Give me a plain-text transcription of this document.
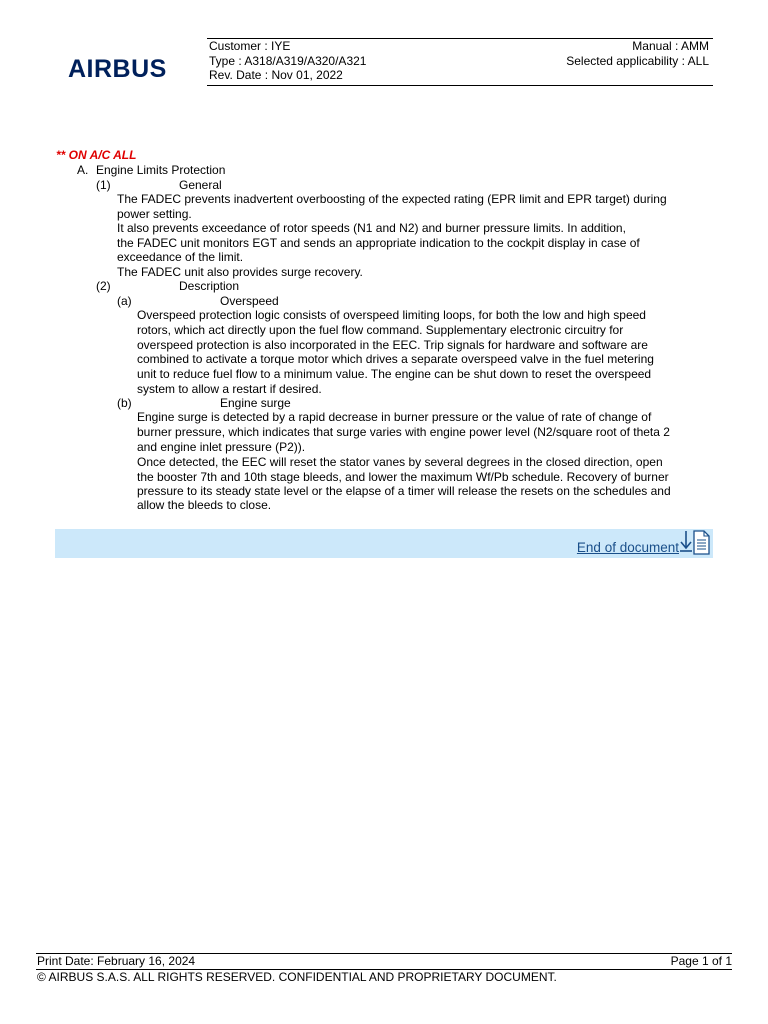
AIRBUS
Customer : IYE	Manual : AMM
Type : A318/A319/A320/A321	Selected applicability : ALL
Rev. Date : Nov 01, 2022
** ON A/C ALL
A. Engine Limits Protection
(1)	General
The FADEC prevents inadvertent overboosting of the expected rating (EPR limit and EPR target) during
power setting.
It also prevents exceedance of rotor speeds (N1 and N2) and burner pressure limits. In addition,
the FADEC unit monitors EGT and sends an appropriate indication to the cockpit display in case of
exceedance of the limit.
The FADEC unit also provides surge recovery.
(2)	Description
(a)	Overspeed
Overspeed protection logic consists of overspeed limiting loops, for both the low and high speed
rotors, which act directly upon the fuel flow command. Supplementary electronic circuitry for
overspeed protection is also incorporated in the EEC. Trip signals for hardware and software are
combined to activate a torque motor which drives a separate overspeed valve in the fuel metering
unit to reduce fuel flow to a minimum value. The engine can be shut down to reset the overspeed
system to allow a restart if desired.
(b)	Engine surge
Engine surge is detected by a rapid decrease in burner pressure or the value of rate of change of
burner pressure, which indicates that surge varies with engine power level (N2/square root of theta 2
and engine inlet pressure (P2)).
Once detected, the EEC will reset the stator vanes by several degrees in the closed direction, open
the booster 7th and 10th stage bleeds, and lower the maximum Wf/Pb schedule. Recovery of burner
pressure to its steady state level or the elapse of a timer will release the resets on the schedules and
allow the bleeds to close.
End of document
Print Date: February 16, 2024	Page 1 of 1
© AIRBUS S.A.S. ALL RIGHTS RESERVED. CONFIDENTIAL AND PROPRIETARY DOCUMENT.
